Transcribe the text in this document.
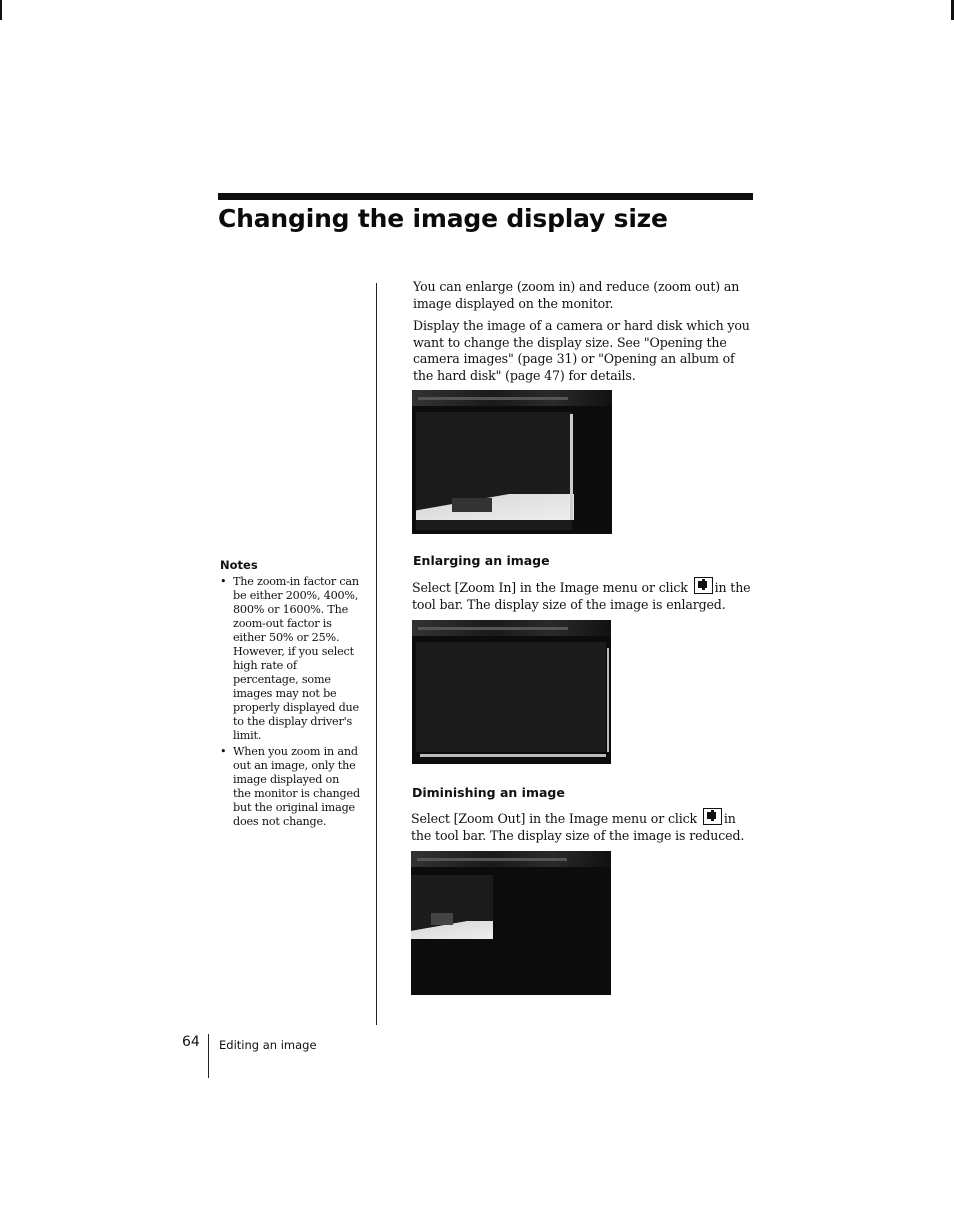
Changing the image display size

You can enlarge (zoom in) and reduce (zoom out) an image displayed on the monitor.

Display the image of a camera or hard disk which you want to change the display size. See "Opening the camera images" (page 31) or "Opening an album of the hard disk" (page 47) for details.

Enlarging an image

Select [Zoom In] in the Image menu or click in the tool bar. The display size of the image is enlarged.

Diminishing an image

Select [Zoom Out] in the Image menu or click in the tool bar. The display size of the image is reduced.

Notes
• The zoom-in factor can be either 200%, 400%, 800% or 1600%. The zoom-out factor is either 50% or 25%. However, if you select high rate of percentage, some images may not be properly displayed due to the display driver's limit.
• When you zoom in and out an image, only the image displayed on the monitor is changed but the original image does not change.
64 Editing an image
